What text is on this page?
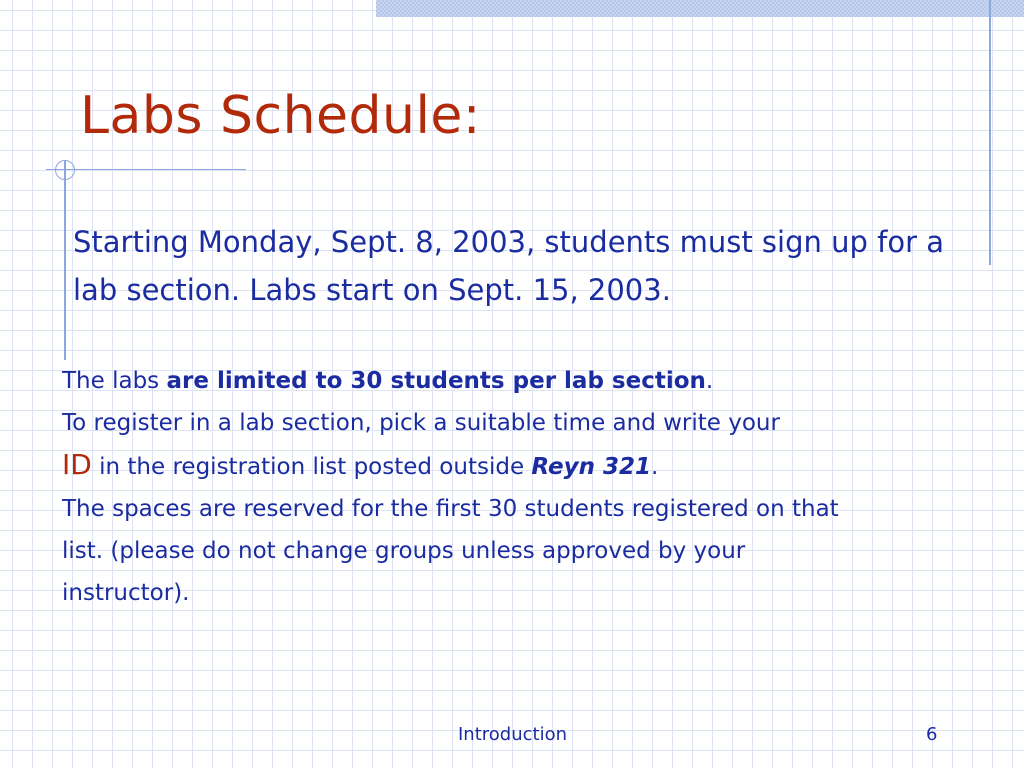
Labs Schedule:

Starting Monday, Sept. 8, 2003, students must sign up for a lab section. Labs start on Sept. 15, 2003.

The labs are limited to 30 students per lab section.

To register in a lab section, pick a suitable time and write your

ID in the registration list posted outside Reyn 321.

The spaces are reserved for the first 30 students registered on that

list. (please do not change groups unless approved by your

instructor).

Introduction	6
